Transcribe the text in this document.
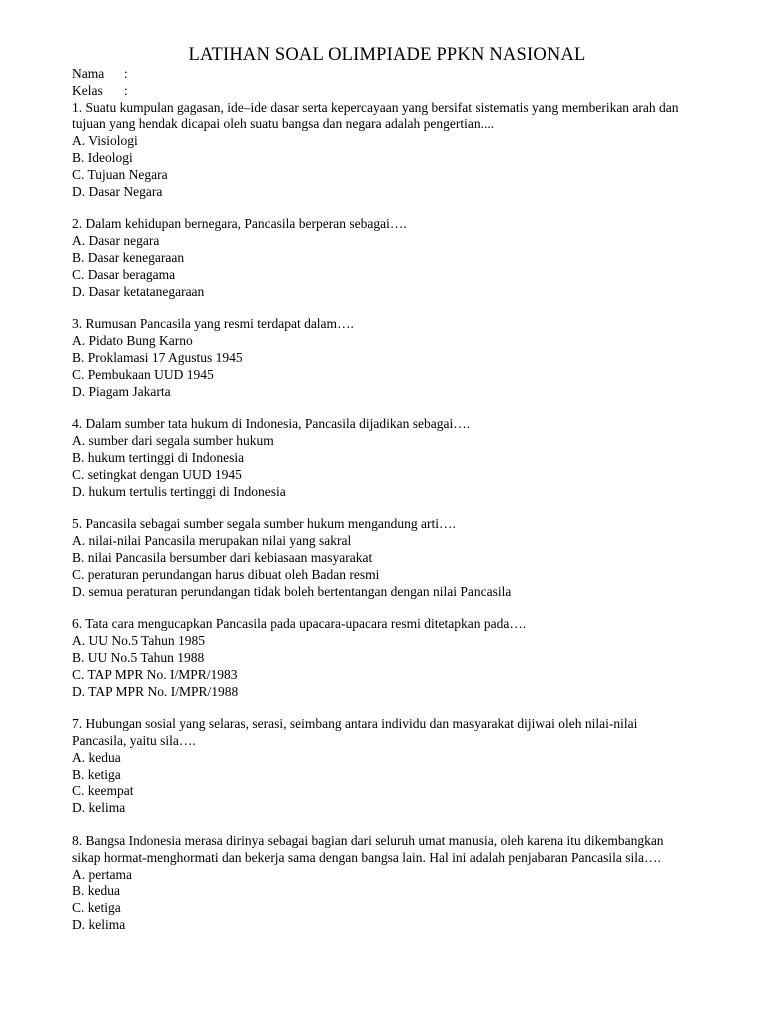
LATIHAN SOAL OLIMPIADE PPKN NASIONAL
Nama	:
Kelas	:

1. Suatu kumpulan gagasan, ide–ide dasar serta kepercayaan yang bersifat sistematis yang memberikan arah dan tujuan yang hendak dicapai oleh suatu bangsa dan negara adalah pengertian....

A. Visiologi

B. Ideologi

C. Tujuan Negara

D. Dasar Negara

2. Dalam kehidupan bernegara, Pancasila berperan sebagai….

A. Dasar negara

B. Dasar kenegaraan

C. Dasar beragama

D. Dasar ketatanegaraan

3. Rumusan Pancasila yang resmi terdapat dalam….

A. Pidato Bung Karno

B. Proklamasi 17 Agustus 1945

C. Pembukaan UUD 1945

D. Piagam Jakarta

4. Dalam sumber tata hukum di Indonesia, Pancasila dijadikan sebagai….

A. sumber dari segala sumber hukum

B. hukum tertinggi di Indonesia

C. setingkat dengan UUD 1945

D. hukum tertulis tertinggi di Indonesia

5. Pancasila sebagai sumber segala sumber hukum mengandung arti….

A. nilai-nilai Pancasila merupakan nilai yang sakral

B. nilai Pancasila bersumber dari kebiasaan masyarakat

C. peraturan perundangan harus dibuat oleh Badan resmi

D. semua peraturan perundangan tidak boleh bertentangan dengan nilai Pancasila

6. Tata cara mengucapkan Pancasila pada upacara-upacara resmi ditetapkan pada….

A. UU No.5 Tahun 1985

B. UU No.5 Tahun 1988

C. TAP MPR No. I/MPR/1983

D. TAP MPR No. I/MPR/1988

7. Hubungan sosial yang selaras, serasi, seimbang antara individu dan masyarakat dijiwai oleh nilai-nilai Pancasila, yaitu sila….

A. kedua

B. ketiga

C. keempat

D. kelima

8. Bangsa Indonesia merasa dirinya sebagai bagian dari seluruh umat manusia, oleh karena itu dikembangkan sikap hormat-menghormati dan bekerja sama dengan bangsa lain. Hal ini adalah penjabaran Pancasila sila….

A. pertama

B. kedua

C. ketiga

D. kelima
